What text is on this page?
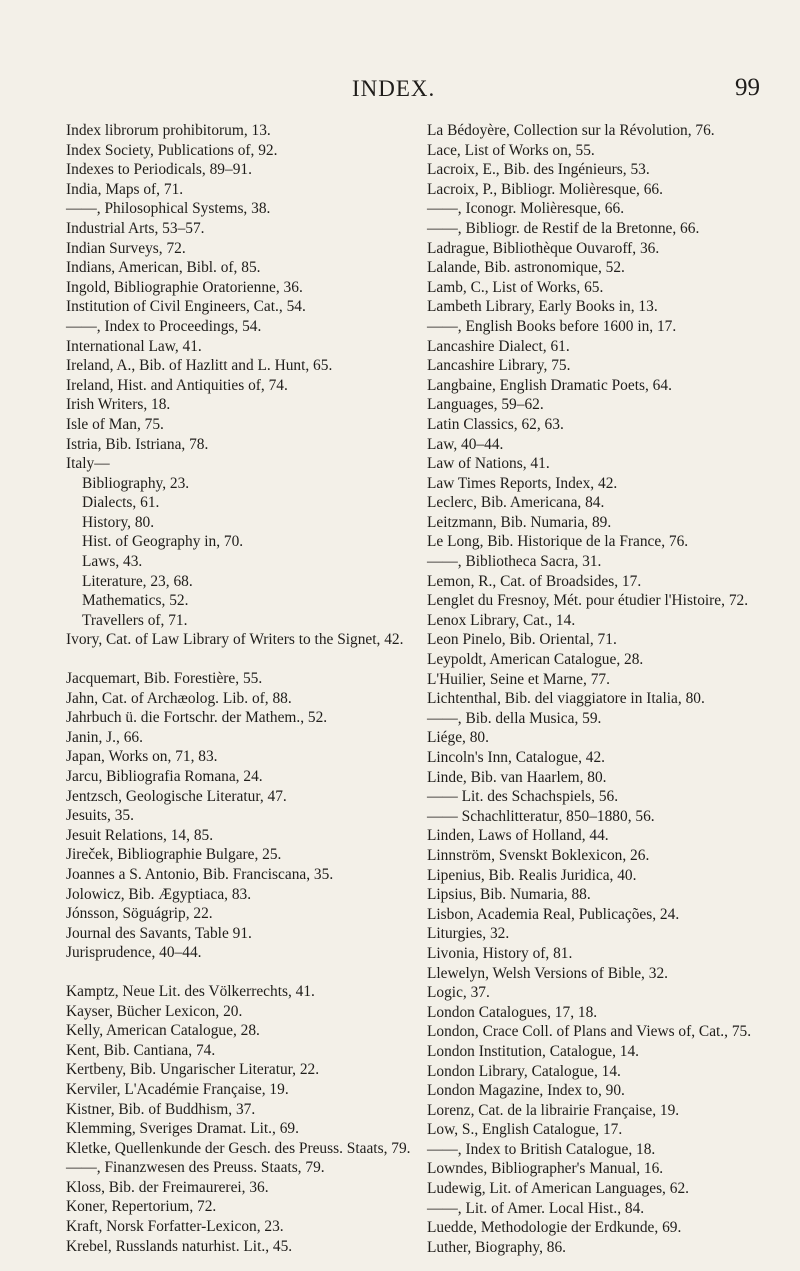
INDEX.	99
Index librorum prohibitorum, 13.
Index Society, Publications of, 92.
Indexes to Periodicals, 89–91.
India, Maps of, 71.
——, Philosophical Systems, 38.
Industrial Arts, 53–57.
Indian Surveys, 72.
Indians, American, Bibl. of, 85.
Ingold, Bibliographie Oratorienne, 36.
Institution of Civil Engineers, Cat., 54.
——, Index to Proceedings, 54.
International Law, 41.
Ireland, A., Bib. of Hazlitt and L. Hunt, 65.
Ireland, Hist. and Antiquities of, 74.
Irish Writers, 18.
Isle of Man, 75.
Istria, Bib. Istriana, 78.
Italy—
Bibliography, 23.
Dialects, 61.
History, 80.
Hist. of Geography in, 70.
Laws, 43.
Literature, 23, 68.
Mathematics, 52.
Travellers of, 71.
Ivory, Cat. of Law Library of Writers to the Signet, 42.
Jacquemart, Bib. Forestière, 55.
Jahn, Cat. of Archæolog. Lib. of, 88.
Jahrbuch ü. die Fortschr. der Mathem., 52.
Janin, J., 66.
Japan, Works on, 71, 83.
Jarcu, Bibliografia Romana, 24.
Jentzsch, Geologische Literatur, 47.
Jesuits, 35.
Jesuit Relations, 14, 85.
Jireček, Bibliographie Bulgare, 25.
Joannes a S. Antonio, Bib. Franciscana, 35.
Jolowicz, Bib. Ægyptiaca, 83.
Jónsson, Söguágrip, 22.
Journal des Savants, Table 91.
Jurisprudence, 40–44.
Kamptz, Neue Lit. des Völkerrechts, 41.
Kayser, Bücher Lexicon, 20.
Kelly, American Catalogue, 28.
Kent, Bib. Cantiana, 74.
Kertbeny, Bib. Ungarischer Literatur, 22.
Kerviler, L'Académie Française, 19.
Kistner, Bib. of Buddhism, 37.
Klemming, Sveriges Dramat. Lit., 69.
Kletke, Quellenkunde der Gesch. des Preuss. Staats, 79.
——, Finanzwesen des Preuss. Staats, 79.
Kloss, Bib. der Freimaurerei, 36.
Koner, Repertorium, 72.
Kraft, Norsk Forfatter-Lexicon, 23.
Krebel, Russlands naturhist. Lit., 45.
La Bédoyère, Collection sur la Révolution, 76.
Lace, List of Works on, 55.
Lacroix, E., Bib. des Ingénieurs, 53.
Lacroix, P., Bibliogr. Molièresque, 66.
——, Iconogr. Molièresque, 66.
——, Bibliogr. de Restif de la Bretonne, 66.
Ladrague, Bibliothèque Ouvaroff, 36.
Lalande, Bib. astronomique, 52.
Lamb, C., List of Works, 65.
Lambeth Library, Early Books in, 13.
——, English Books before 1600 in, 17.
Lancashire Dialect, 61.
Lancashire Library, 75.
Langbaine, English Dramatic Poets, 64.
Languages, 59–62.
Latin Classics, 62, 63.
Law, 40–44.
Law of Nations, 41.
Law Times Reports, Index, 42.
Leclerc, Bib. Americana, 84.
Leitzmann, Bib. Numaria, 89.
Le Long, Bib. Historique de la France, 76.
——, Bibliotheca Sacra, 31.
Lemon, R., Cat. of Broadsides, 17.
Lenglet du Fresnoy, Mét. pour étudier l'Histoire, 72.
Lenox Library, Cat., 14.
Leon Pinelo, Bib. Oriental, 71.
Leypoldt, American Catalogue, 28.
L'Huilier, Seine et Marne, 77.
Lichtenthal, Bib. del viaggiatore in Italia, 80.
——, Bib. della Musica, 59.
Liége, 80.
Lincoln's Inn, Catalogue, 42.
Linde, Bib. van Haarlem, 80.
—— Lit. des Schachspiels, 56.
—— Schachlitteratur, 850–1880, 56.
Linden, Laws of Holland, 44.
Linnström, Svenskt Boklexicon, 26.
Lipenius, Bib. Realis Juridica, 40.
Lipsius, Bib. Numaria, 88.
Lisbon, Academia Real, Publicações, 24.
Liturgies, 32.
Livonia, History of, 81.
Llewelyn, Welsh Versions of Bible, 32.
Logic, 37.
London Catalogues, 17, 18.
London, Crace Coll. of Plans and Views of, Cat., 75.
London Institution, Catalogue, 14.
London Library, Catalogue, 14.
London Magazine, Index to, 90.
Lorenz, Cat. de la librairie Française, 19.
Low, S., English Catalogue, 17.
——, Index to British Catalogue, 18.
Lowndes, Bibliographer's Manual, 16.
Ludewig, Lit. of American Languages, 62.
——, Lit. of Amer. Local Hist., 84.
Luedde, Methodologie der Erdkunde, 69.
Luther, Biography, 86.
